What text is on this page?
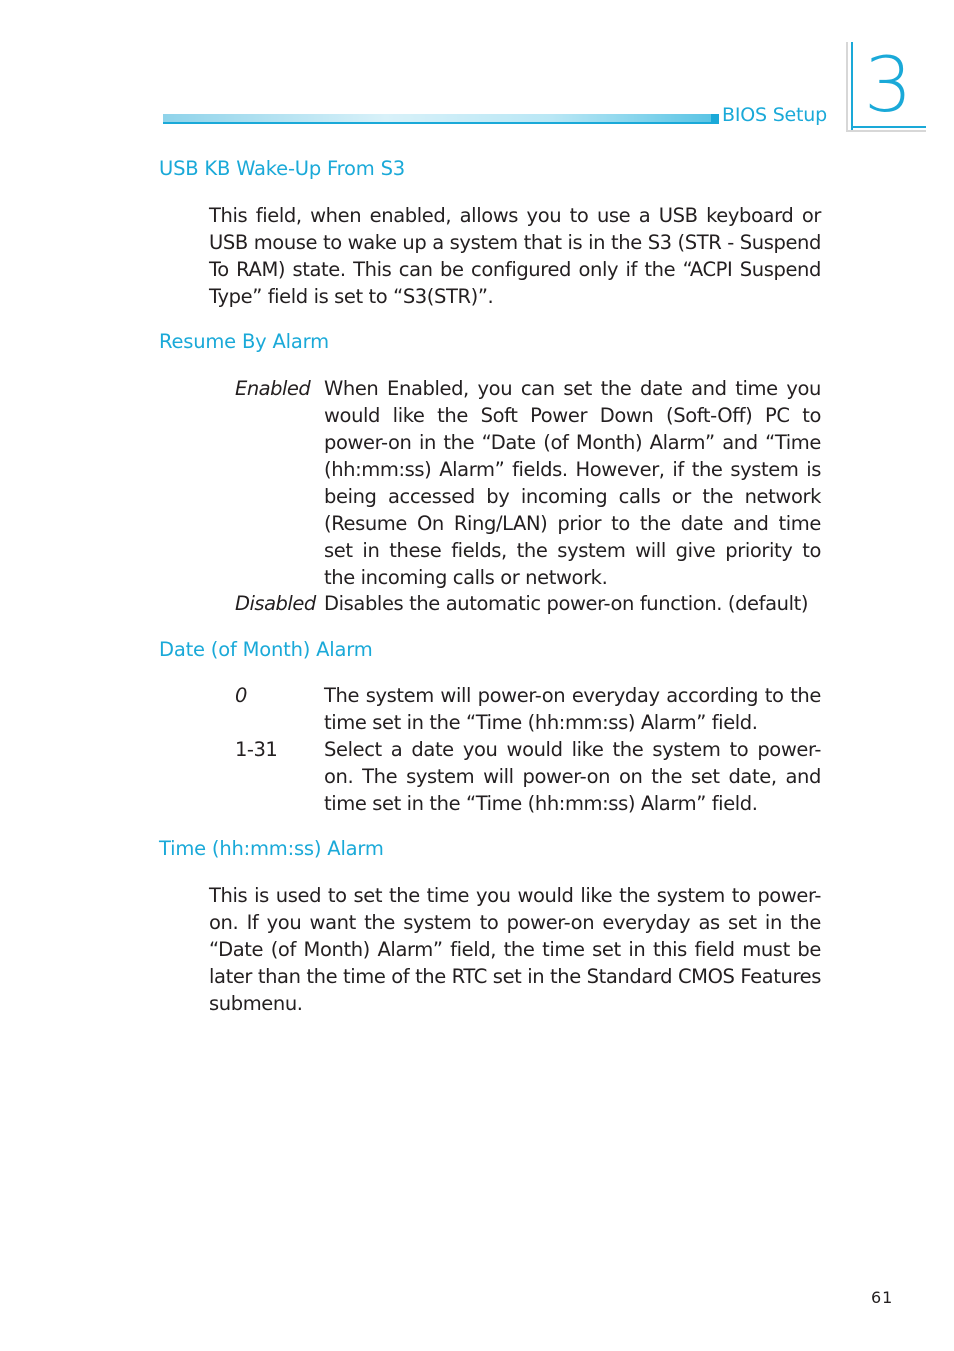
BIOS Setup 3
USB KB Wake-Up From S3

This field, when enabled, allows you to use a USB keyboard or USB mouse to wake up a system that is in the S3 (STR - Suspend To RAM) state. This can be configured only if the “ACPI Suspend Type” field is set to “S3(STR)”.

Resume By Alarm
Enabled When Enabled, you can set the date and time you would like the Soft Power Down (Soft-Off) PC to power-on in the “Date (of Month) Alarm” and “Time (hh:mm:ss) Alarm” fields. However, if the system is being accessed by incoming calls or the network (Resume On Ring/LAN) prior to the date and time set in these fields, the system will give priority to the incoming calls or network.

Disabled Disables the automatic power-on function. (default)

Date (of Month) Alarm
0	The system will power-on everyday according to the time set in the “Time (hh:mm:ss) Alarm” field.

1-31 Select a date you would like the system to power-on. The system will power-on on the set date, and time set in the “Time (hh:mm:ss) Alarm” field.

Time (hh:mm:ss) Alarm

This is used to set the time you would like the system to power-on. If you want the system to power-on everyday as set in the “Date (of Month) Alarm” field, the time set in this field must be later than the time of the RTC set in the Standard CMOS Features submenu.

61
